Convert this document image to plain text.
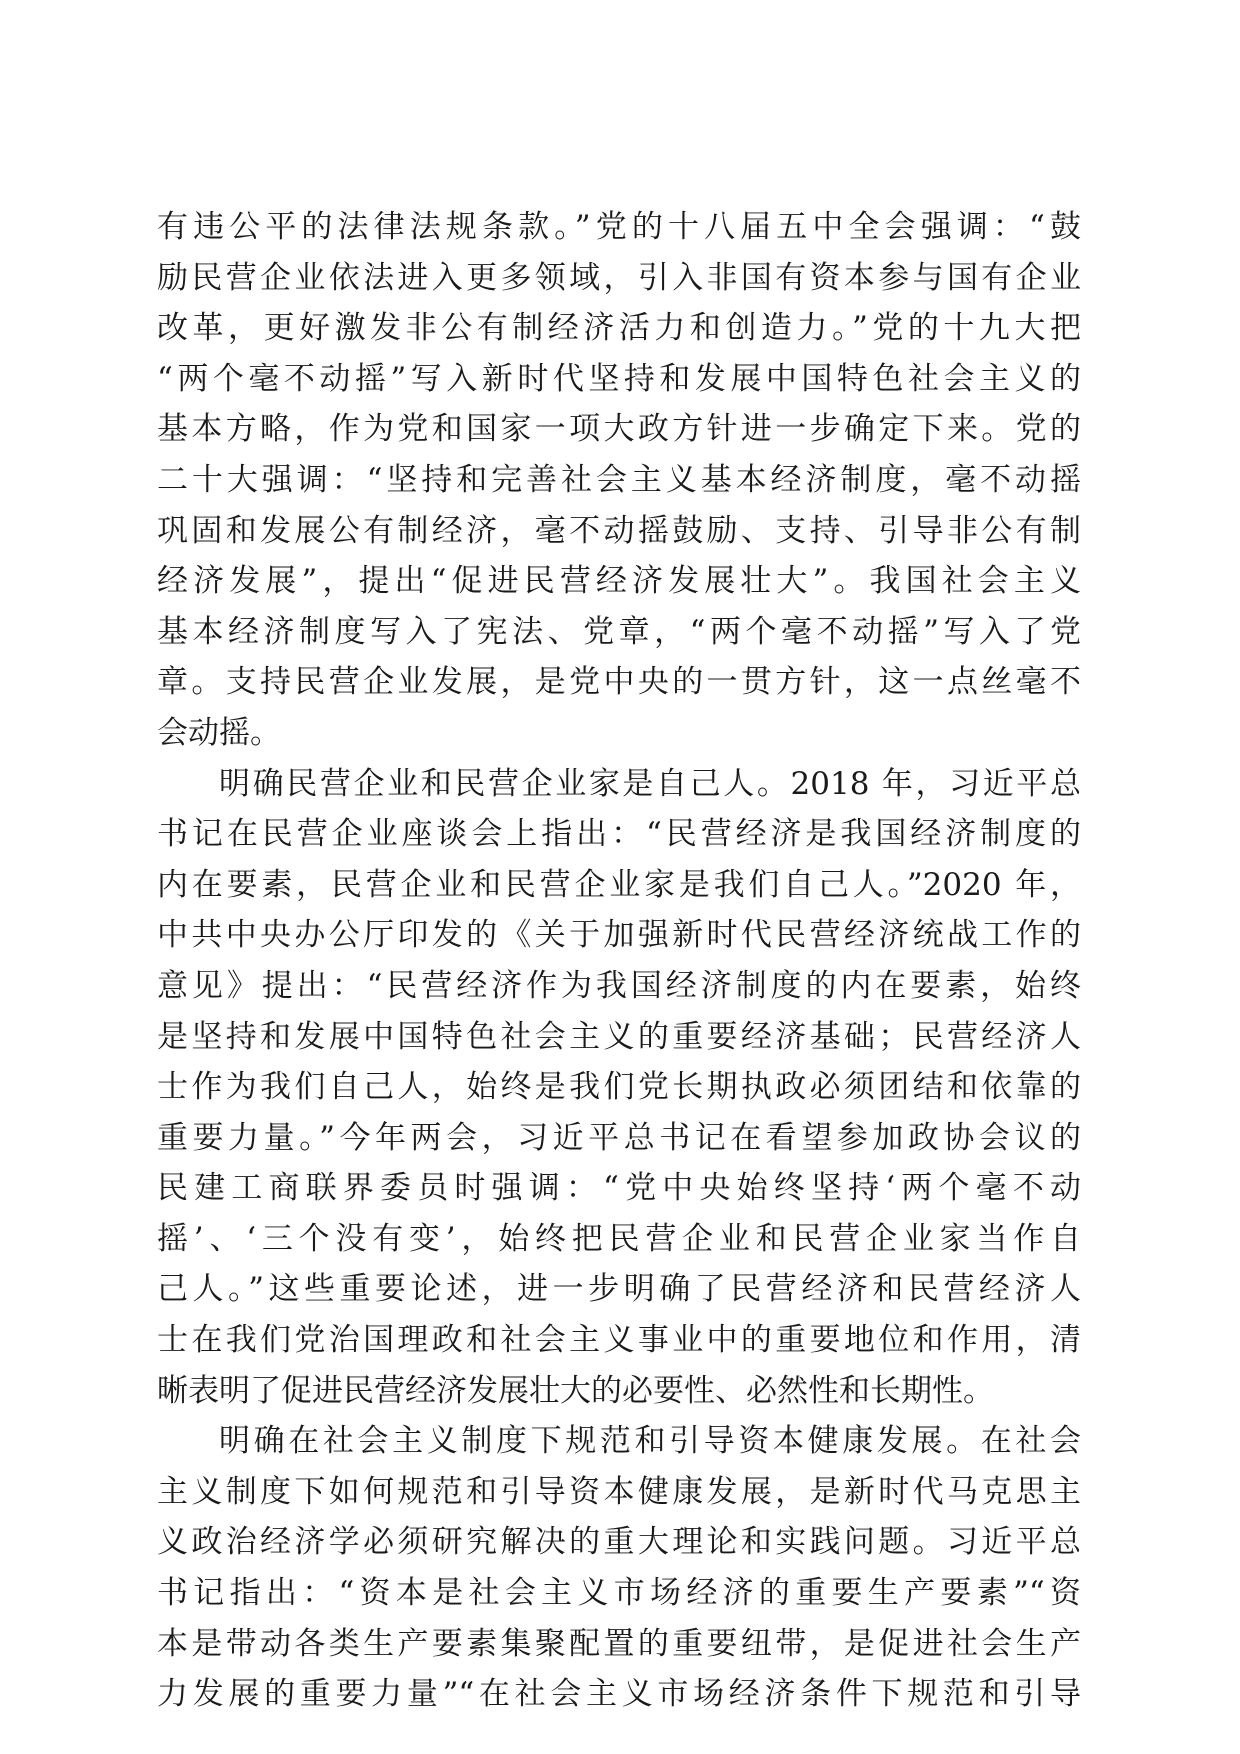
有违公平的法律法规条款。”党的十八届五中全会强调：“鼓
励民营企业依法进入更多领域，引入非国有资本参与国有企业
改革，更好激发非公有制经济活力和创造力。”党的十九大把
“两个毫不动摇”写入新时代坚持和发展中国特色社会主义的
基本方略，作为党和国家一项大政方针进一步确定下来。党的
二十大强调：“坚持和完善社会主义基本经济制度，毫不动摇
巩固和发展公有制经济，毫不动摇鼓励、支持、引导非公有制
经济发展”，提出“促进民营经济发展壮大”。我国社会主义
基本经济制度写入了宪法、党章，“两个毫不动摇”写入了党
章。支持民营企业发展，是党中央的一贯方针，这一点丝毫不
会动摇。
明确民营企业和民营企业家是自己人。2018 年，习近平总
书记在民营企业座谈会上指出：“民营经济是我国经济制度的
内在要素，民营企业和民营企业家是我们自己人。”2020 年，
中共中央办公厅印发的《关于加强新时代民营经济统战工作的
意见》提出：“民营经济作为我国经济制度的内在要素，始终
是坚持和发展中国特色社会主义的重要经济基础；民营经济人
士作为我们自己人，始终是我们党长期执政必须团结和依靠的
重要力量。”今年两会，习近平总书记在看望参加政协会议的
民建工商联界委员时强调：“党中央始终坚持‘两个毫不动
摇’、‘三个没有变’，始终把民营企业和民营企业家当作自
己人。”这些重要论述，进一步明确了民营经济和民营经济人
士在我们党治国理政和社会主义事业中的重要地位和作用，清
晰表明了促进民营经济发展壮大的必要性、必然性和长期性。
明确在社会主义制度下规范和引导资本健康发展。在社会
主义制度下如何规范和引导资本健康发展，是新时代马克思主
义政治经济学必须研究解决的重大理论和实践问题。习近平总
书记指出：“资本是社会主义市场经济的重要生产要素”“资
本是带动各类生产要素集聚配置的重要纽带，是促进社会生产
力发展的重要力量”“在社会主义市场经济条件下规范和引导
